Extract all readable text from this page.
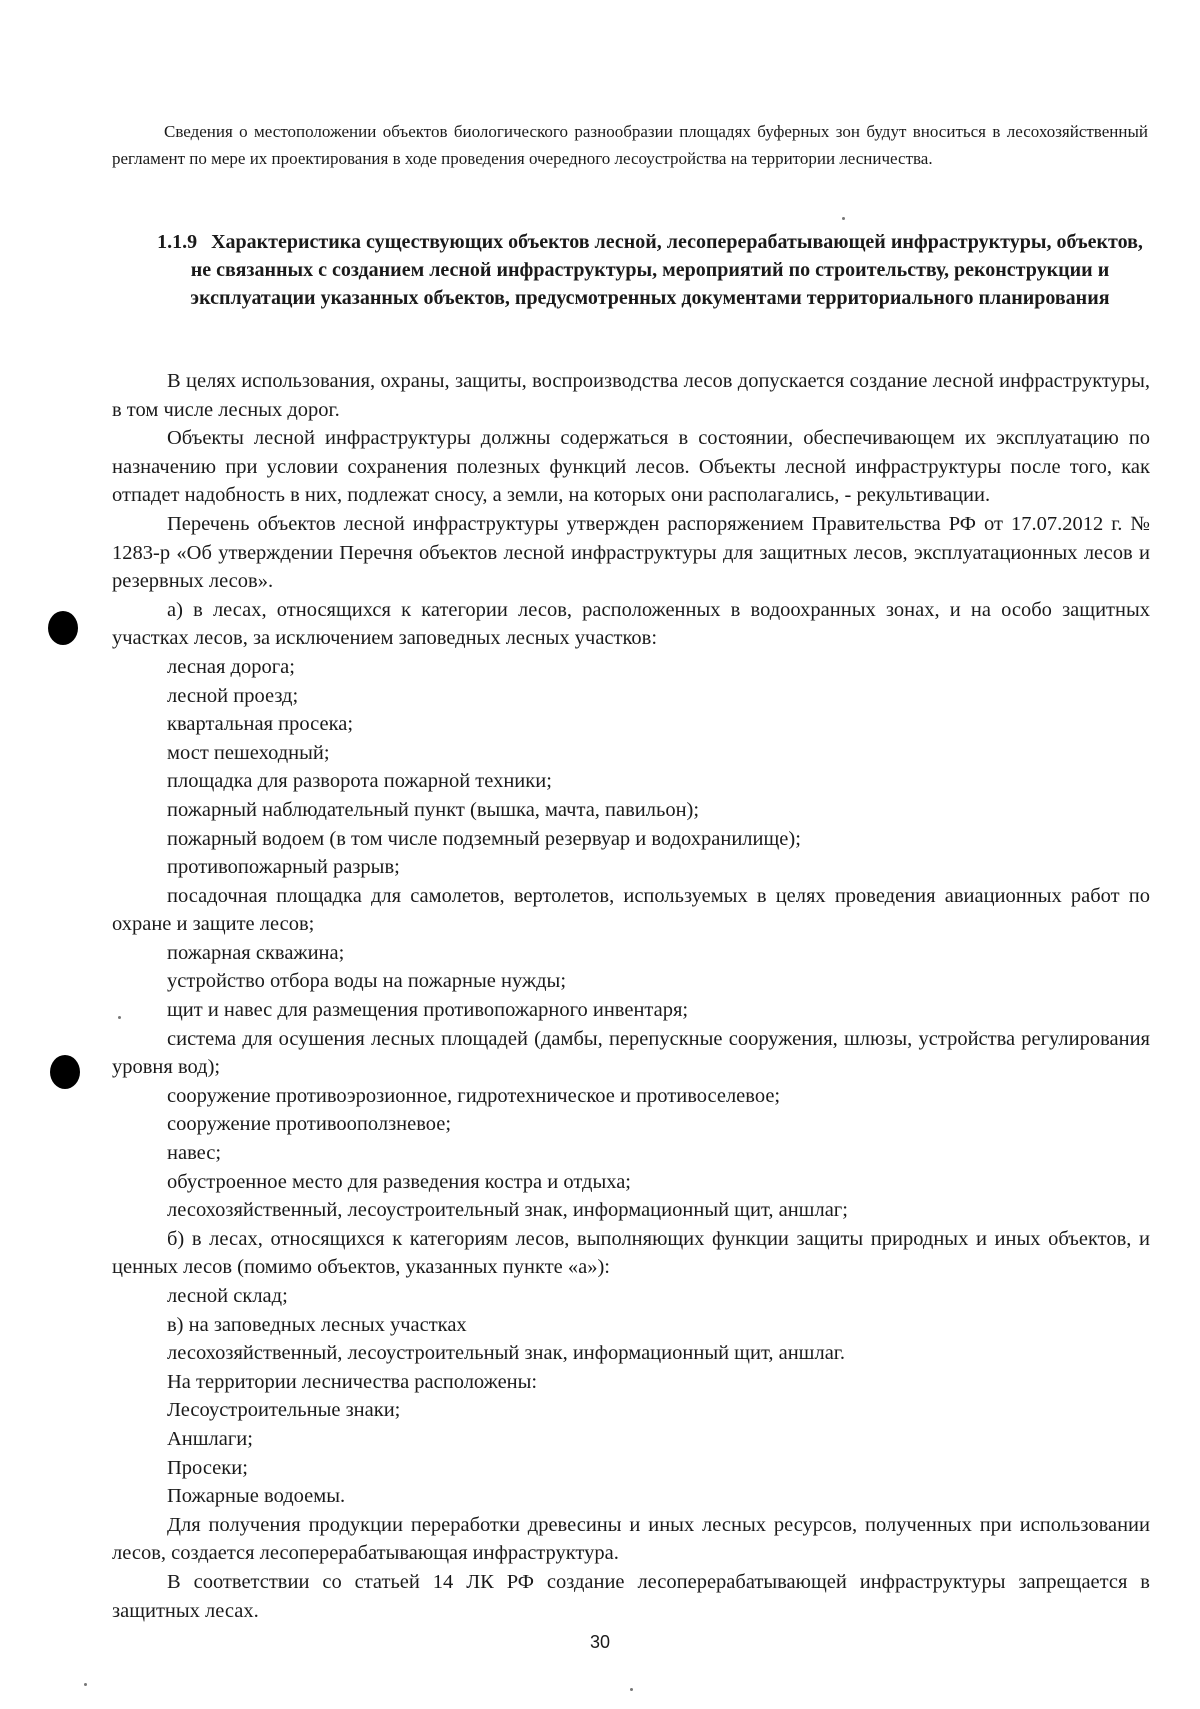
Сведения о местоположении объектов биологического разнообразии площадях буферных зон будут вноситься в лесохозяйственный регламент по мере их проектирования в ходе проведения очередного лесоустройства на территории лесничества.
1.1.9 Характеристика существующих объектов лесной, лесоперерабатывающей инфраструктуры, объектов, не связанных с созданием лесной инфраструктуры, мероприятий по строительству, реконструкции и эксплуатации указанных объектов, предусмотренных документами территориального планирования

В целях использования, охраны, защиты, воспроизводства лесов допускается создание лесной инфраструктуры, в том числе лесных дорог.

Объекты лесной инфраструктуры должны содержаться в состоянии, обеспечивающем их эксплуатацию по назначению при условии сохранения полезных функций лесов. Объекты лесной инфраструктуры после того, как отпадет надобность в них, подлежат сносу, а земли, на которых они располагались, - рекультивации.

Перечень объектов лесной инфраструктуры утвержден распоряжением Правительства РФ от 17.07.2012 г. № 1283-р «Об утверждении Перечня объектов лесной инфраструктуры для защитных лесов, эксплуатационных лесов и резервных лесов».

а) в лесах, относящихся к категории лесов, расположенных в водоохранных зонах, и на особо защитных участках лесов, за исключением заповедных лесных участков:

лесная дорога;

лесной проезд;

квартальная просека;

мост пешеходный;

площадка для разворота пожарной техники;

пожарный наблюдательный пункт (вышка, мачта, павильон);

пожарный водоем (в том числе подземный резервуар и водохранилище);

противопожарный разрыв;

посадочная площадка для самолетов, вертолетов, используемых в целях проведения авиационных работ по охране и защите лесов;

пожарная скважина;

устройство отбора воды на пожарные нужды;

щит и навес для размещения противопожарного инвентаря;

система для осушения лесных площадей (дамбы, перепускные сооружения, шлюзы, устройства регулирования уровня вод);

сооружение противоэрозионное, гидротехническое и противоселевое;

сооружение противооползневое;

навес;

обустроенное место для разведения костра и отдыха;

лесохозяйственный, лесоустроительный знак, информационный щит, аншлаг;

б) в лесах, относящихся к категориям лесов, выполняющих функции защиты природных и иных объектов, и ценных лесов (помимо объектов, указанных пункте «а»):

лесной склад;

в) на заповедных лесных участках

лесохозяйственный, лесоустроительный знак, информационный щит, аншлаг.

На территории лесничества расположены:

Лесоустроительные знаки;

Аншлаги;

Просеки;

Пожарные водоемы.

Для получения продукции переработки древесины и иных лесных ресурсов, полученных при использовании лесов, создается лесоперерабатывающая инфраструктура.

В соответствии со статьей 14 ЛК РФ создание лесоперерабатывающей инфраструктуры запрещается в защитных лесах.

30
